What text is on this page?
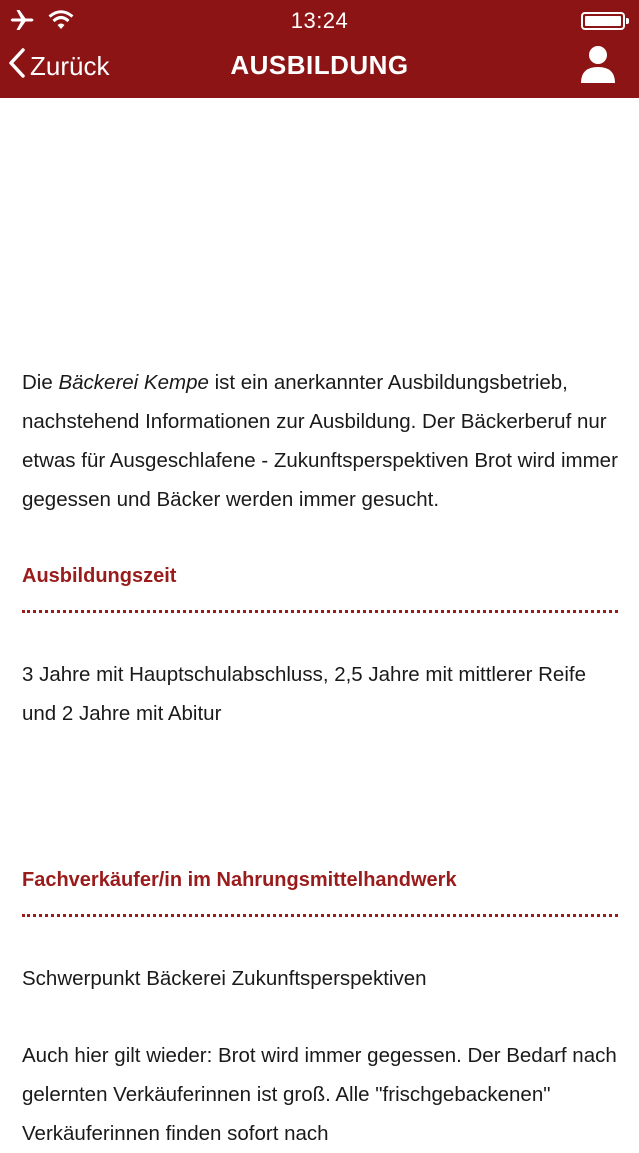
13:24
Zurück	AUSBILDUNG

Die Bäckerei Kempe ist ein anerkannter Ausbildungsbetrieb, nachstehend Informationen zur Ausbildung. Der Bäckerberuf nur etwas für Ausgeschlafene - Zukunftsperspektiven Brot wird immer gegessen und Bäcker werden immer gesucht.

Ausbildungszeit

3 Jahre mit Hauptschulabschluss, 2,5 Jahre mit mittlerer Reife und 2 Jahre mit Abitur

Fachverkäufer/in im Nahrungsmittelhandwerk

Schwerpunkt Bäckerei Zukunftsperspektiven

Auch hier gilt wieder: Brot wird immer gegessen. Der Bedarf nach gelernten Verkäuferinnen ist groß. Alle "frischgebackenen" Verkäuferinnen finden sofort nach
